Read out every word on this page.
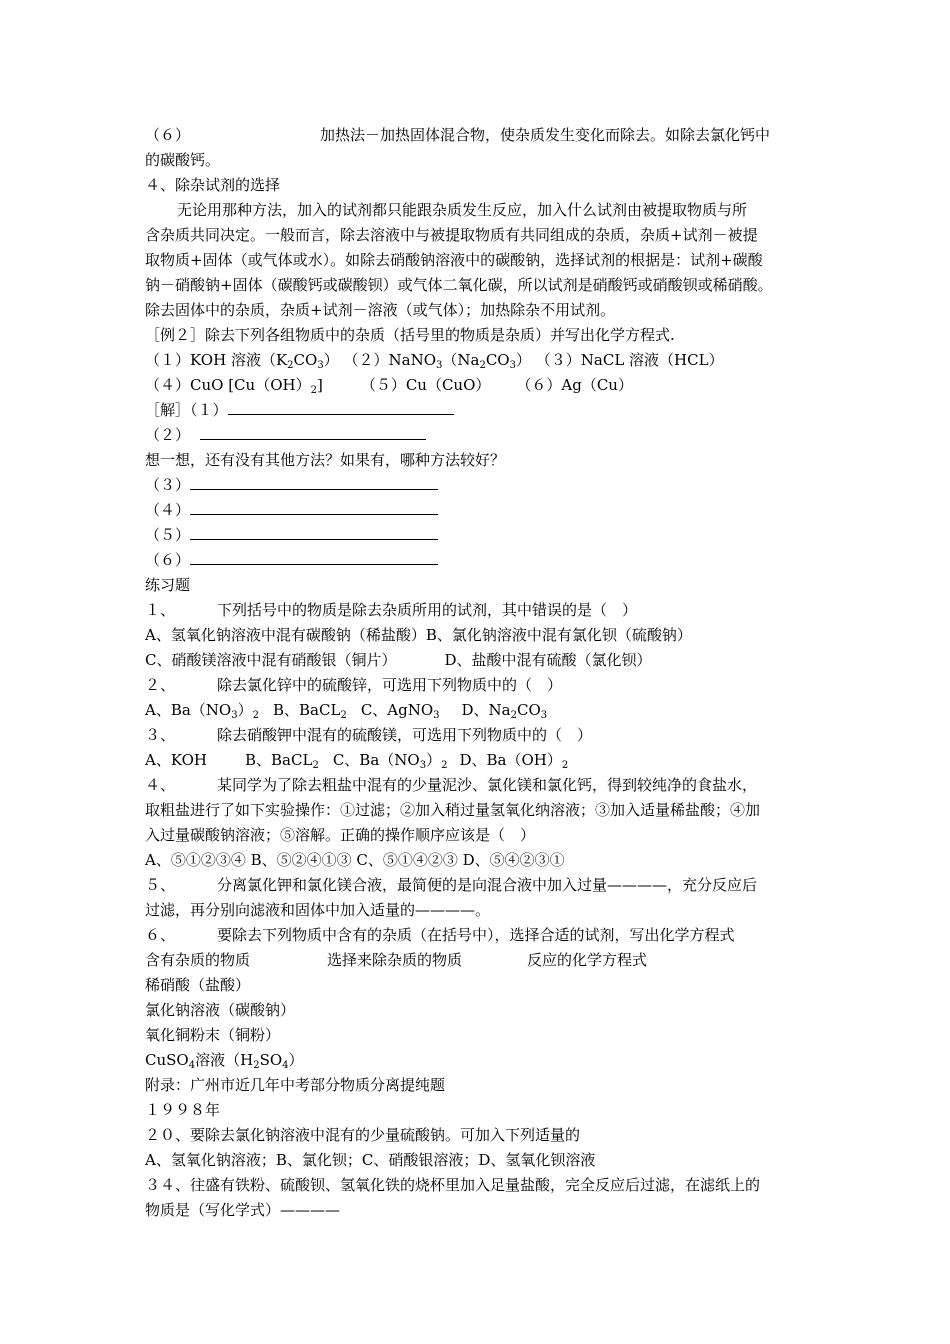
（６）	加热法－加热固体混合物，使杂质发生变化而除去。如除去氯化钙中
的碳酸钙。
４、除杂试剂的选择
无论用那种方法，加入的试剂都只能跟杂质发生反应，加入什么试剂由被提取物质与所
含杂质共同决定。一般而言，除去溶液中与被提取物质有共同组成的杂质，杂质+试剂－被提
取物质+固体（或气体或水）。如除去硝酸钠溶液中的碳酸钠，选择试剂的根据是：试剂+碳酸
钠－硝酸钠+固体（碳酸钙或碳酸钡）或气体二氧化碳，所以试剂是硝酸钙或硝酸钡或稀硝酸。
除去固体中的杂质，杂质+试剂－溶液（或气体）；加热除杂不用试剂。
［例２］除去下列各组物质中的杂质（括号里的物质是杂质）并写出化学方程式.
（１）KOH 溶液$(K_2CO_3)$ $(2)NaNO_3(Na_2CO_3)$ （３）NaCL 溶液（HCL）
（４）CuO $[Cu(OH)_2]$	（５）Cu（CuO） （６）Ag（Cu）
［解］（１）
（２）
想一想，还有没有其他方法？如果有，哪种方法较好？
（３）
（４）
（５）
（６）
练习题
１、	下列括号中的物质是除去杂质所用的试剂，其中错误的是（　）
A、氢氧化钠溶液中混有碳酸钠（稀盐酸）B、氯化钠溶液中混有氯化钡（硫酸钠）
C、硝酸镁溶液中混有硝酸银（铜片）	D、盐酸中混有硫酸（氯化钡）
２、	除去氯化锌中的硫酸锌，可选用下列物质中的（　）
A、$Ba(NO_3)_2$ B、BaCL$_2$ C、AgNO$_3$ D、$Na_2CO_3$
３、	除去硝酸钾中混有的硫酸镁，可选用下列物质中的（　）
A、KOH	B、BaCL$_2$ C、$Ba(NO_3)_2$ D、$Ba(OH)_2$
４、	某同学为了除去粗盐中混有的少量泥沙、氯化镁和氯化钙，得到较纯净的食盐水，
取粗盐进行了如下实验操作：①过滤；②加入稍过量氢氧化纳溶液；③加入适量稀盐酸；④加
入过量碳酸钠溶液；⑤溶解。正确的操作顺序应该是（　）
A、⑤①②③④ B、⑤②④①③ C、⑤①④②③ D、⑤④②③①
５、	分离氯化钾和氯化镁合液，最简便的是向混合液中加入过量————，充分反应后
过滤，再分别向滤液和固体中加入适量的————。
６、	要除去下列物质中含有的杂质（在括号中），选择合适的试剂，写出化学方程式
含有杂质的物质	选择来除杂质的物质	反应的化学方程式
稀硝酸（盐酸）
氯化钠溶液（碳酸钠）
氧化铜粉末（铜粉）
CuSO$_4$溶液$(H_2SO_4)$
附录：广州市近几年中考部分物质分离提纯题
１９９８年
２０、要除去氯化钠溶液中混有的少量硫酸钠。可加入下列适量的
A、氢氧化钠溶液；B、氯化钡；C、硝酸银溶液；D、氢氧化钡溶液
３４、往盛有铁粉、硫酸钡、氢氧化铁的烧杯里加入足量盐酸，完全反应后过滤，在滤纸上的
物质是（写化学式）————
